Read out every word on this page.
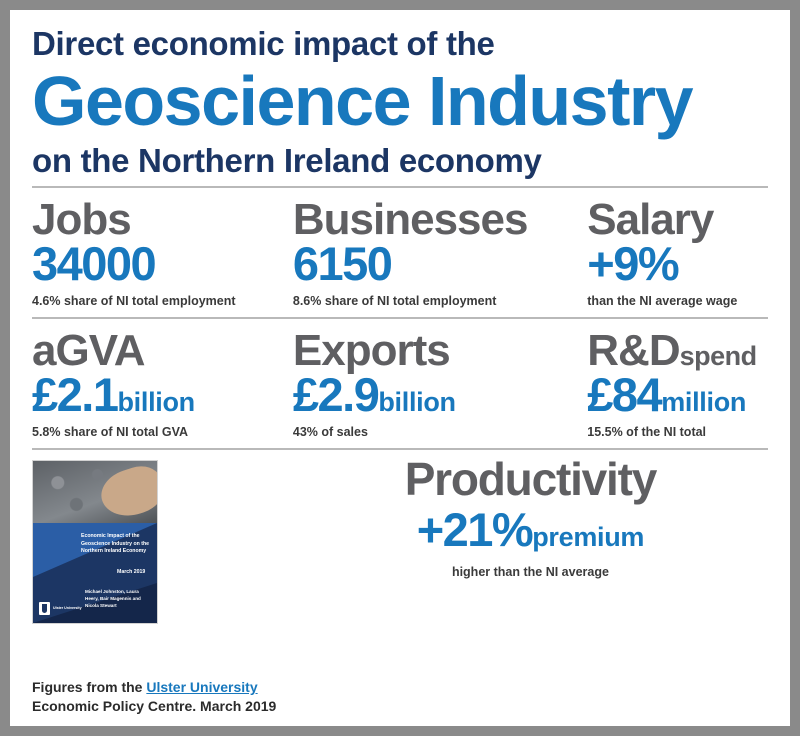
Direct economic impact of the
Geoscience Industry
on the Northern Ireland economy
Jobs
34000
4.6% share of NI total employment
Businesses
6150
8.6% share of NI total employment
Salary
+9%
than the NI average wage
aGVA
£2.1billion
5.8% share of NI total GVA
Exports
£2.9billion
43% of sales
R&Dspend
£84million
15.5% of the NI total
Economic Impact of the Geoscience Industry on the Northern Ireland Economy
March 2019
Michael Johnston, Laura Heery, Bair Magennis and Nicola Stewart
Ulster University
Productivity
+21%premium
higher than the NI average
Figures from the Ulster University Economic Policy Centre. March 2019
